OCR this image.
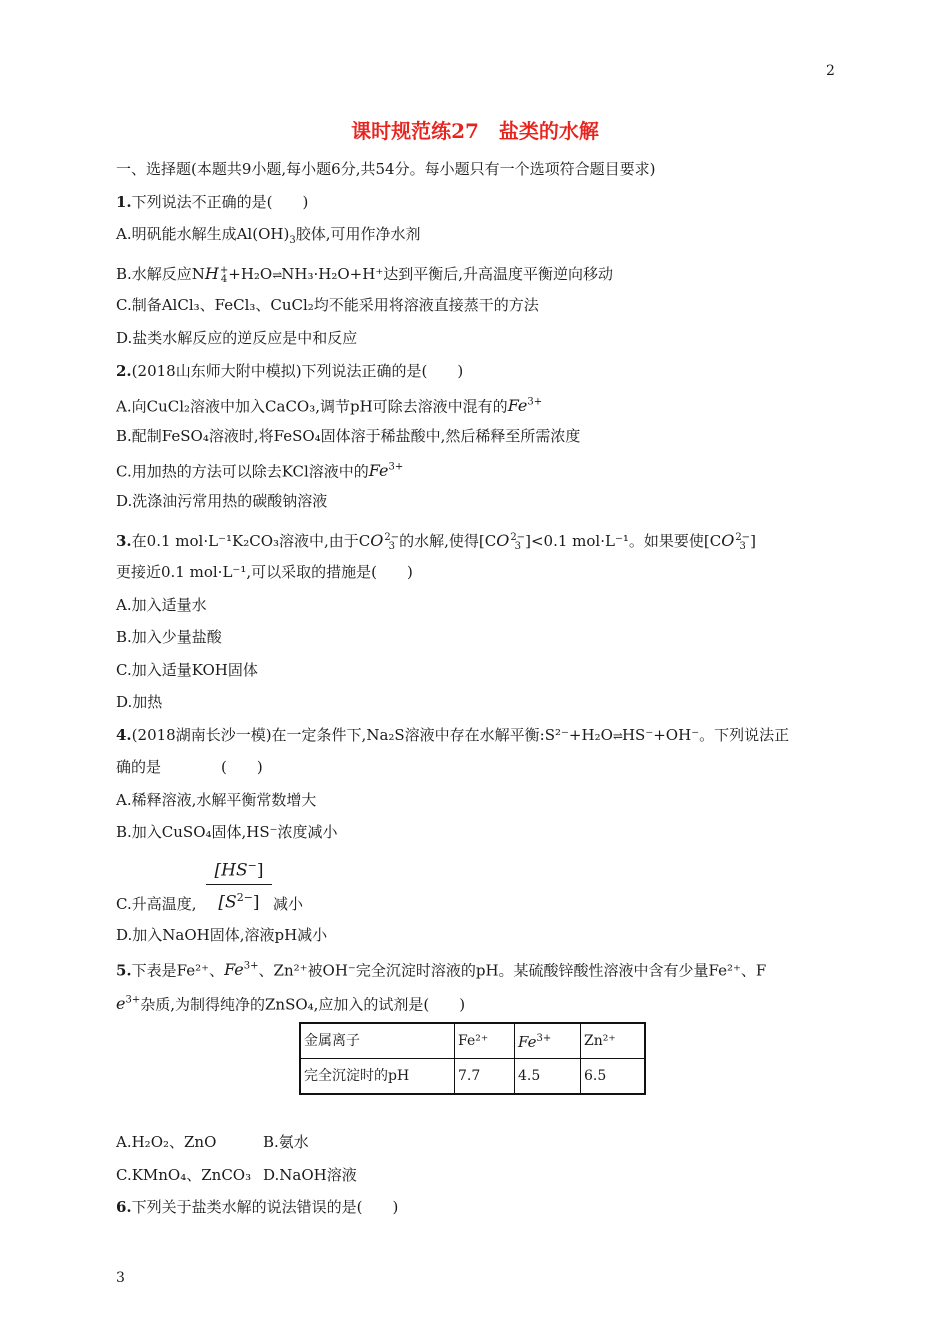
2
3
课时规范练27　盐类的水解
一、选择题(本题共9小题,每小题6分,共54分。每小题只有一个选项符合题目要求)
1.下列说法不正确的是(　　)
A.明矾能水解生成$Al(OH)_3$胶体,可用作净水剂
B.水解反应NH+
4+H₂O⇌NH₃·H₂O+H⁺达到平衡后,升高温度平衡逆向移动
C.制备AlCl₃、FeCl₃、CuCl₂均不能采用将溶液直接蒸干的方法
D.盐类水解反应的逆反应是中和反应
2.(2018山东师大附中模拟)下列说法正确的是(　　)
A.向CuCl₂溶液中加入CaCO₃,调节pH可除去溶液中混有的$Fe^{3+}$
B.配制FeSO₄溶液时,将FeSO₄固体溶于稀盐酸中,然后稀释至所需浓度
C.用加热的方法可以除去KCl溶液中的$Fe^{3+}$
D.洗涤油污常用热的碳酸钠溶液
3.在0.1 mol·L⁻¹K₂CO₃溶液中,由于CO2−
3 的水解,使得[CO2−
3 ]<0.1 mol·L⁻¹。如果要使[CO2−
3 ]
更接近0.1 mol·L⁻¹,可以采取的措施是(　　)
A.加入适量水
B.加入少量盐酸
C.加入适量KOH固体
D.加热
4.(2018湖南长沙一模)在一定条件下,Na₂S溶液中存在水解平衡:S²⁻+H₂O⇌HS⁻+OH⁻。下列说法正
确的是　　　　(　　)
A.稀释溶液,水解平衡常数增大
B.加入CuSO₄固体,HS⁻浓度减小
C.升高温度, $\frac{[HS^-]}{[S^{2-}]}$ 减小
D.加入NaOH固体,溶液pH减小
5.下表是Fe²⁺、$Fe^{3+}$、Zn²⁺被OH⁻完全沉淀时溶液的pH。某硫酸锌酸性溶液中含有少量Fe²⁺、F
$e^{3+}$杂质,为制得纯净的ZnSO₄,应加入的试剂是(　　)
金属离子	Fe²⁺	$Fe^{3+}$	Zn²⁺
完全沉淀时的pH	7.7	4.5	6.5
A.H₂O₂、ZnO	B.氨水
C.KMnO₄、ZnCO₃ D.NaOH溶液
6.下列关于盐类水解的说法错误的是(　　)
